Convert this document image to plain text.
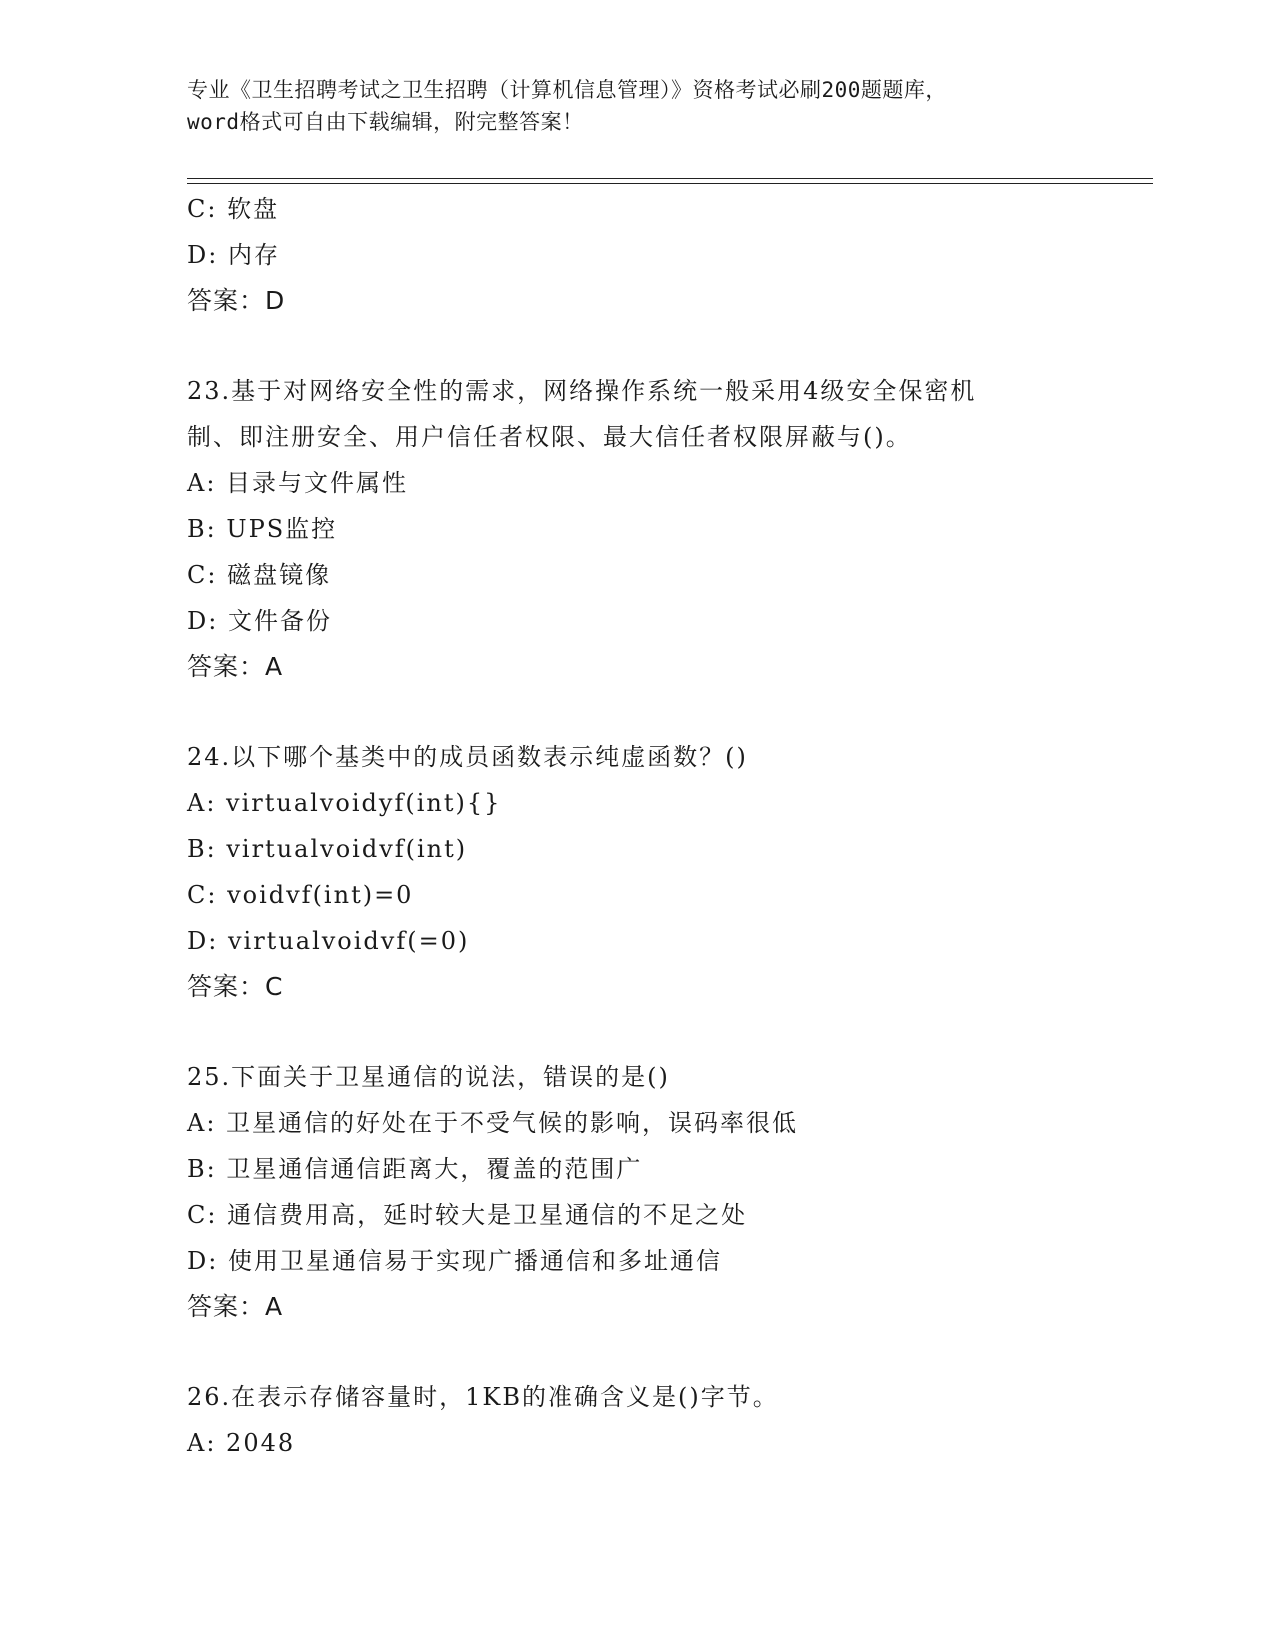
专业《卫生招聘考试之卫生招聘（计算机信息管理）》资格考试必刷200题题库，
word格式可自由下载编辑，附完整答案！
C: 软盘
D: 内存
答案：D
23.基于对网络安全性的需求，网络操作系统一般采用4级安全保密机
制、即注册安全、用户信任者权限、最大信任者权限屏蔽与()。
A: 目录与文件属性
B: UPS监控
C: 磁盘镜像
D: 文件备份
答案：A
24.以下哪个基类中的成员函数表示纯虚函数？()
A: virtualvoidyf(int){}
B: virtualvoidvf(int)
C: voidvf(int)=0
D: virtualvoidvf(=0)
答案：C
25.下面关于卫星通信的说法，错误的是()
A: 卫星通信的好处在于不受气候的影响，误码率很低
B: 卫星通信通信距离大，覆盖的范围广
C: 通信费用高，延时较大是卫星通信的不足之处
D: 使用卫星通信易于实现广播通信和多址通信
答案：A
26.在表示存储容量时，1KB的准确含义是()字节。
A: 2048
